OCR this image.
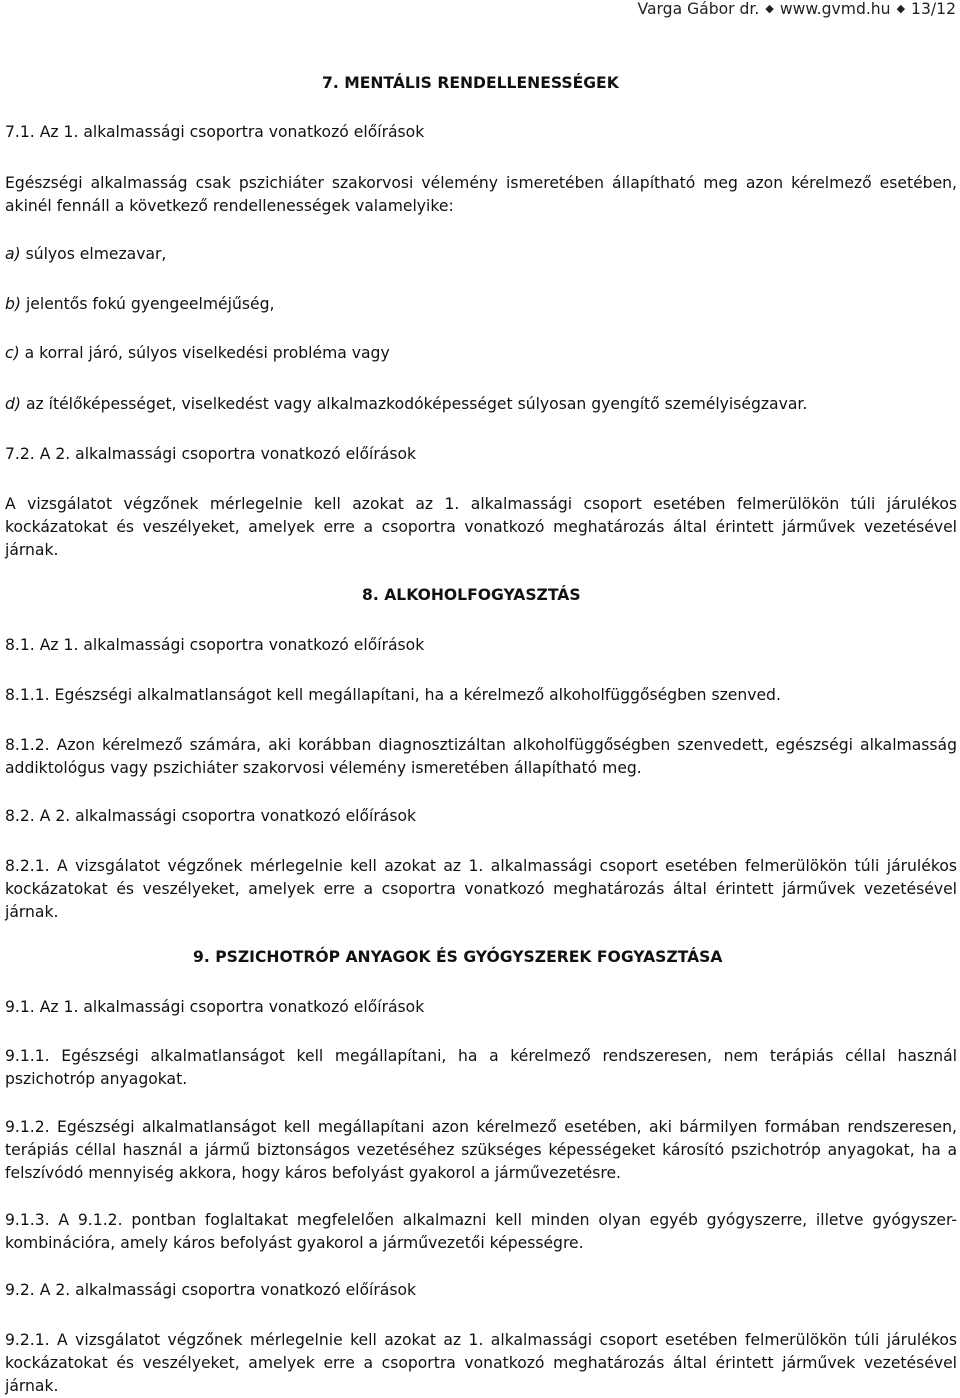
Varga Gábor dr. ◆ www.gvmd.hu ◆ 13/12
7. MENTÁLIS RENDELLENESSÉGEK
7.1. Az 1. alkalmassági csoportra vonatkozó előírások
Egészségi alkalmasság csak pszichiáter szakorvosi vélemény ismeretében állapítható meg azon kérelmező esetében, akinél fennáll a következő rendellenességek valamelyike:
a) súlyos elmezavar,
b) jelentős fokú gyengeelméjűség,
c) a korral járó, súlyos viselkedési probléma vagy
d) az ítélőképességet, viselkedést vagy alkalmazkodóképességet súlyosan gyengítő személyiségzavar.
7.2. A 2. alkalmassági csoportra vonatkozó előírások
A vizsgálatot végzőnek mérlegelnie kell azokat az 1. alkalmassági csoport esetében felmerülökön túli járulékos kockázatokat és veszélyeket, amelyek erre a csoportra vonatkozó meghatározás által érintett járművek vezetésével járnak.
8. ALKOHOLFOGYASZTÁS
8.1. Az 1. alkalmassági csoportra vonatkozó előírások
8.1.1. Egészségi alkalmatlanságot kell megállapítani, ha a kérelmező alkoholfüggőségben szenved.
8.1.2. Azon kérelmező számára, aki korábban diagnosztizáltan alkoholfüggőségben szenvedett, egészségi alkalmasság addiktológus vagy pszichiáter szakorvosi vélemény ismeretében állapítható meg.
8.2. A 2. alkalmassági csoportra vonatkozó előírások
8.2.1. A vizsgálatot végzőnek mérlegelnie kell azokat az 1. alkalmassági csoport esetében felmerülökön túli járulékos kockázatokat és veszélyeket, amelyek erre a csoportra vonatkozó meghatározás által érintett járművek vezetésével járnak.
9. PSZICHOTRÓP ANYAGOK ÉS GYÓGYSZEREK FOGYASZTÁSA
9.1. Az 1. alkalmassági csoportra vonatkozó előírások
9.1.1. Egészségi alkalmatlanságot kell megállapítani, ha a kérelmező rendszeresen, nem terápiás céllal használ pszichotróp anyagokat.
9.1.2. Egészségi alkalmatlanságot kell megállapítani azon kérelmező esetében, aki bármilyen formában rendszeresen, terápiás céllal használ a jármű biztonságos vezetéséhez szükséges képességeket károsító pszichotróp anyagokat, ha a felszívódó mennyiség akkora, hogy káros befolyást gyakorol a járművezetésre.
9.1.3. A 9.1.2. pontban foglaltakat megfelelően alkalmazni kell minden olyan egyéb gyógyszerre, illetve gyógyszer-kombinációra, amely káros befolyást gyakorol a járművezetői képességre.
9.2. A 2. alkalmassági csoportra vonatkozó előírások
9.2.1. A vizsgálatot végzőnek mérlegelnie kell azokat az 1. alkalmassági csoport esetében felmerülökön túli járulékos kockázatokat és veszélyeket, amelyek erre a csoportra vonatkozó meghatározás által érintett járművek vezetésével járnak.
